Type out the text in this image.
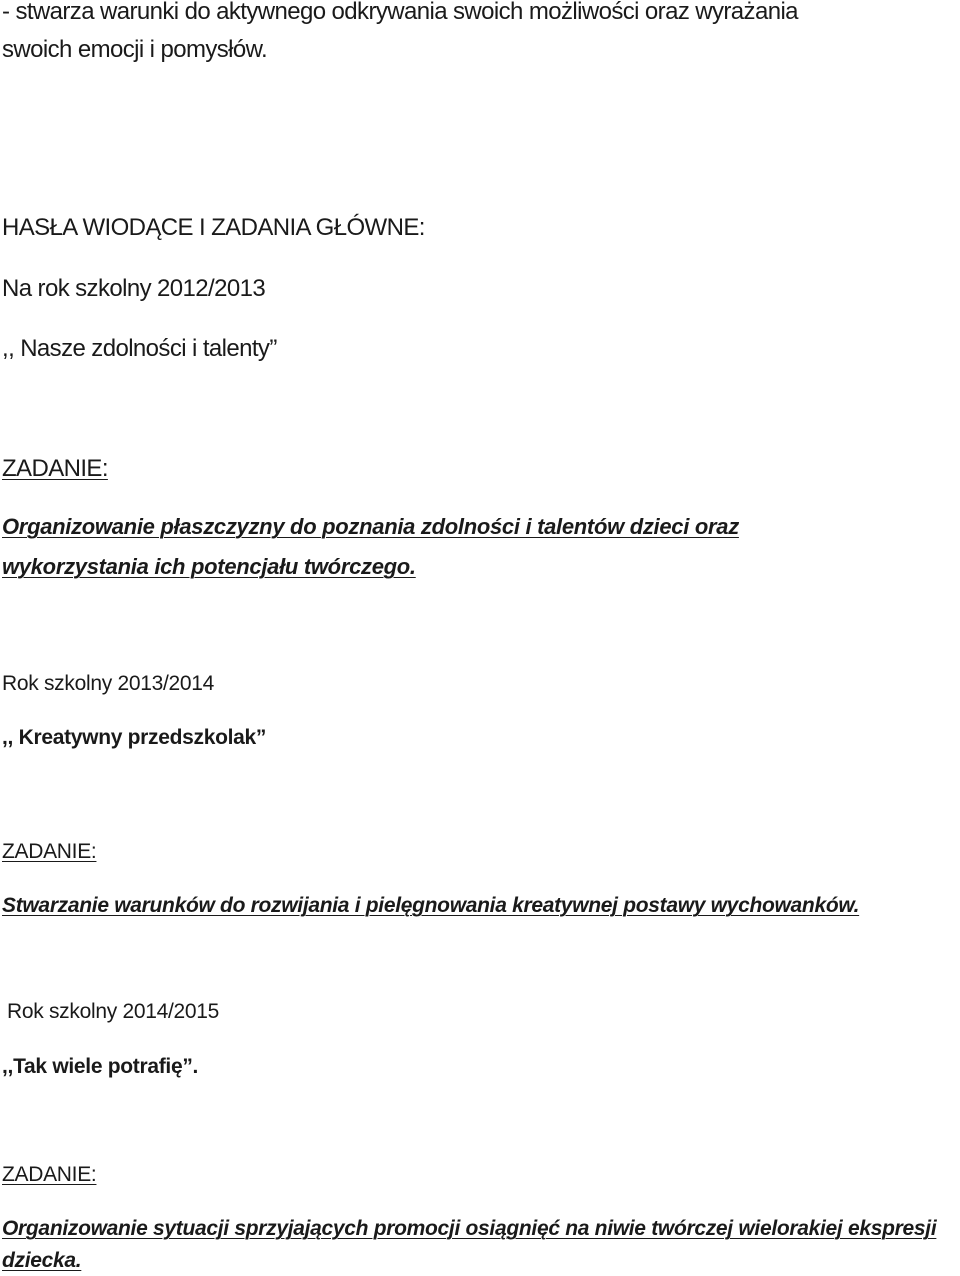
- stwarza warunki do aktywnego odkrywania swoich możliwości oraz wyrażania

swoich emocji i pomysłów.

HASŁA WIODĄCE I ZADANIA GŁÓWNE:

Na rok szkolny 2012/2013

,, Nasze zdolności i talenty”

ZADANIE:

Organizowanie płaszczyzny do poznania zdolności i talentów dzieci oraz

wykorzystania ich potencjału twórczego.

Rok szkolny 2013/2014

,, Kreatywny przedszkolak”

ZADANIE:

Stwarzanie warunków do rozwijania i pielęgnowania kreatywnej postawy wychowanków.

Rok szkolny 2014/2015

,,Tak wiele potrafię”.

ZADANIE:

Organizowanie sytuacji sprzyjających promocji osiągnięć na niwie twórczej wielorakiej ekspresji

dziecka.
